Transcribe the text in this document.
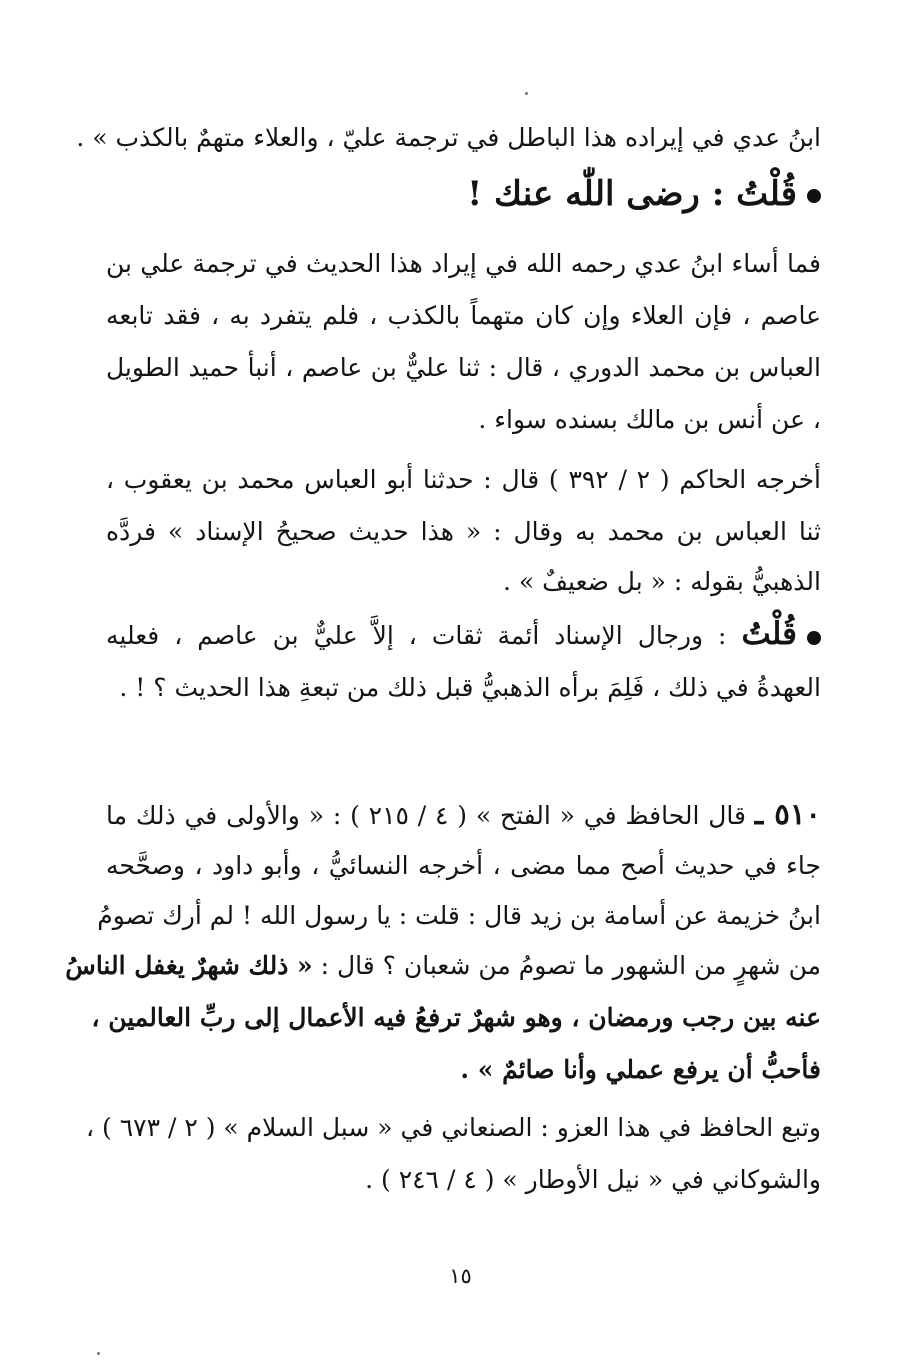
ابنُ عدي في إيراده هذا الباطل في ترجمة عليّ ، والعلاء متهمٌ بالكذب » .
قُلْتُ : رضى اللّٰه عنك !
فما أساء ابنُ عدي رحمه الله في إيراد هذا الحديث في ترجمة علي بن
عاصم ، فإن العلاء وإن كان متهماً بالكذب ، فلم يتفرد به ، فقد تابعه
العباس بن محمد الدوري ، قال : ثنا عليٌّ بن عاصم ، أنبأ حميد الطويل
، عن أنس بن مالك بسنده سواء .
أخرجه الحاكم ( ٢ / ٣٩٢ ) قال : حدثنا أبو العباس محمد بن يعقوب ،
ثنا العباس بن محمد به وقال : « هذا حديث صحيحُ الإسناد » فردَّه
الذهبيُّ بقوله : « بل ضعيفٌ » .
قُلْتُ : ورجال الإسناد أئمة ثقات ، إلاَّ عليٌّ بن عاصم ، فعليه
العهدةُ في ذلك ، فَلِمَ برأه الذهبيُّ قبل ذلك من تبعةِ هذا الحديث ؟ ! .
٥١٠ ـ قال الحافظ في « الفتح » ( ٤ / ٢١٥ ) : « والأولى في ذلك ما
جاء في حديث أصح مما مضى ، أخرجه النسائيُّ ، وأبو داود ، وصحَّحه
ابنُ خزيمة عن أسامة بن زيد قال : قلت : يا رسول الله ! لم أرك تصومُ
من شهرٍ من الشهور ما تصومُ من شعبان ؟ قال : « ذلك شهرٌ يغفل الناسُ
عنه بين رجب ورمضان ، وهو شهرٌ ترفعُ فيه الأعمال إلى ربِّ العالمين ،
فأحبُّ أن يرفع عملي وأنا صائمٌ » .
وتبع الحافظ في هذا العزو : الصنعاني في « سبل السلام » ( ٢ / ٦٧٣ ) ،
والشوكاني في « نيل الأوطار » ( ٤ / ٢٤٦ ) .
١٥
